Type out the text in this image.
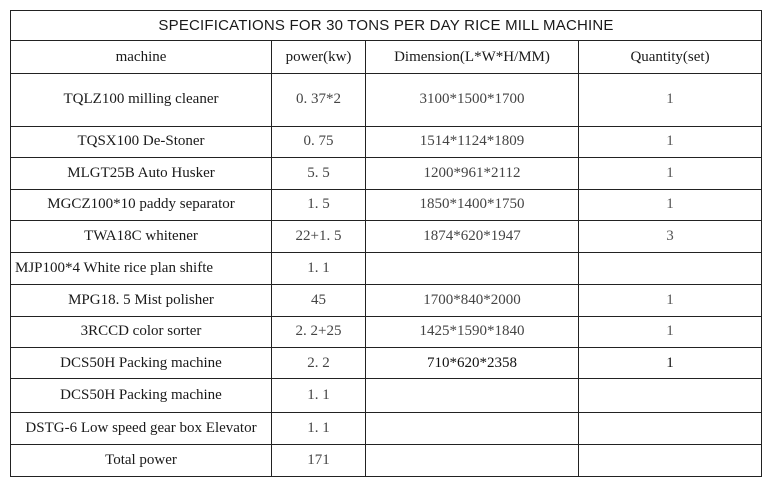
SPECIFICATIONS FOR 30 TONS PER DAY RICE MILL MACHINE			
machine	power(kw)	Dimension(L*W*H/MM)	Quantity(set)
TQLZ100 milling cleaner	0. 37*2	3100*1500*1700	1
TQSX100 De-Stoner	0. 75	1514*1124*1809	1
MLGT25B Auto Husker	5. 5	1200*961*2112	1
MGCZ100*10 paddy separator	1. 5	1850*1400*1750	1
TWA18C whitener	22+1. 5	1874*620*1947	3
MJP100*4 White rice plan shifte	1. 1		
MPG18. 5 Mist polisher	45	1700*840*2000	1
3RCCD color sorter	2. 2+25	1425*1590*1840	1
DCS50H Packing machine	2. 2	710*620*2358	1
DCS50H Packing machine	1. 1		
DSTG-6 Low speed gear box Elevator	1. 1		
Total power	171		
